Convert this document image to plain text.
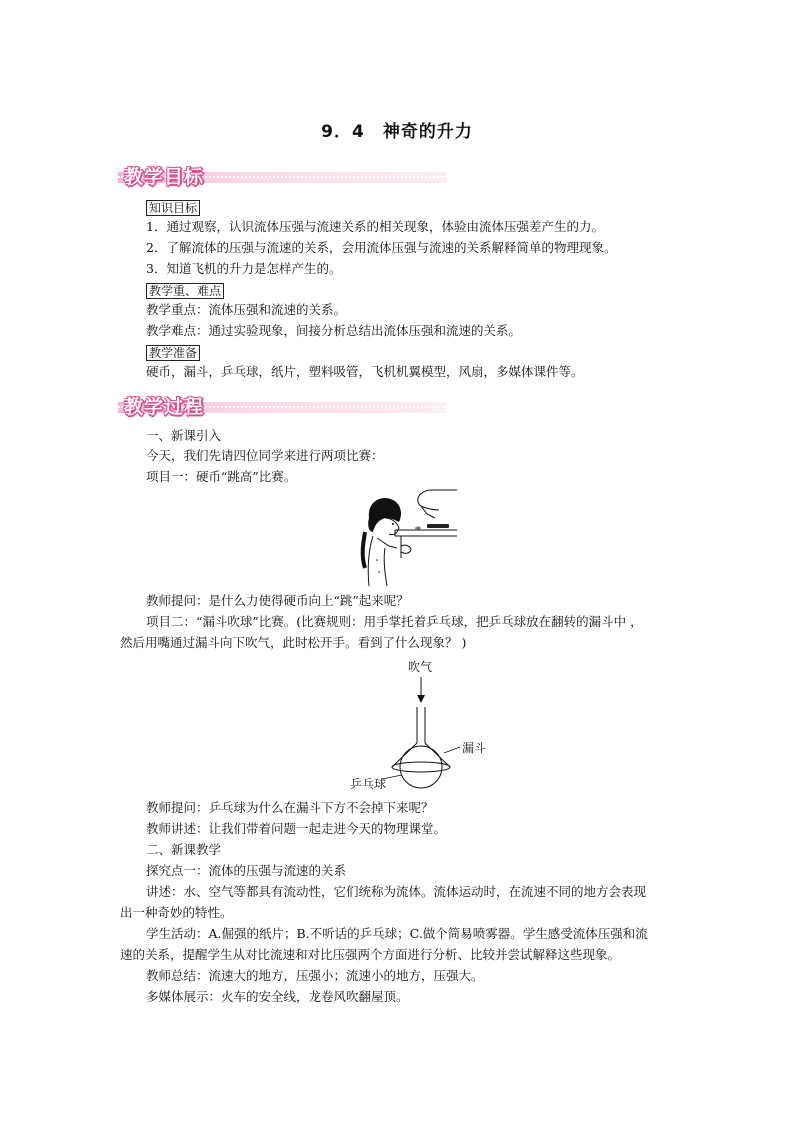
9．4　神奇的升力
教学目标
知识目标
1．通过观察，认识流体压强与流速关系的相关现象，体验由流体压强差产生的力。
2．了解流体的压强与流速的关系，会用流体压强与流速的关系解释简单的物理现象。
3．知道飞机的升力是怎样产生的。
教学重、难点
教学重点：流体压强和流速的关系。
教学难点：通过实验现象，间接分析总结出流体压强和流速的关系。
教学准备
硬币，漏斗，乒乓球，纸片，塑料吸管，飞机机翼模型，风扇，多媒体课件等。
教学过程
一、新课引入
今天，我们先请四位同学来进行两项比赛：
项目一：硬币“跳高”比赛。
教师提问：是什么力使得硬币向上“跳”起来呢？
项目二：“漏斗吹球”比赛。(比赛规则：用手掌托着乒乓球，把乒乓球放在翻转的漏斗中 ，
然后用嘴通过漏斗向下吹气，此时松开手。看到了什么现象？ )
吹气
漏斗
乒乓球
教师提问：乒乓球为什么在漏斗下方不会掉下来呢？
教师讲述：让我们带着问题一起走进今天的物理课堂。
二、新课教学
探究点一：流体的压强与流速的关系
讲述：水、空气等都具有流动性，它们统称为流体。流体运动时，在流速不同的地方会表现
出一种奇妙的特性。
学生活动：A.倔强的纸片；B.不听话的乒乓球；C.做个简易喷雾器。学生感受流体压强和流
速的关系，提醒学生从对比流速和对比压强两个方面进行分析、比较并尝试解释这些现象。
教师总结：流速大的地方，压强小；流速小的地方，压强大。
多媒体展示：火车的安全线，龙卷风吹翻屋顶。
